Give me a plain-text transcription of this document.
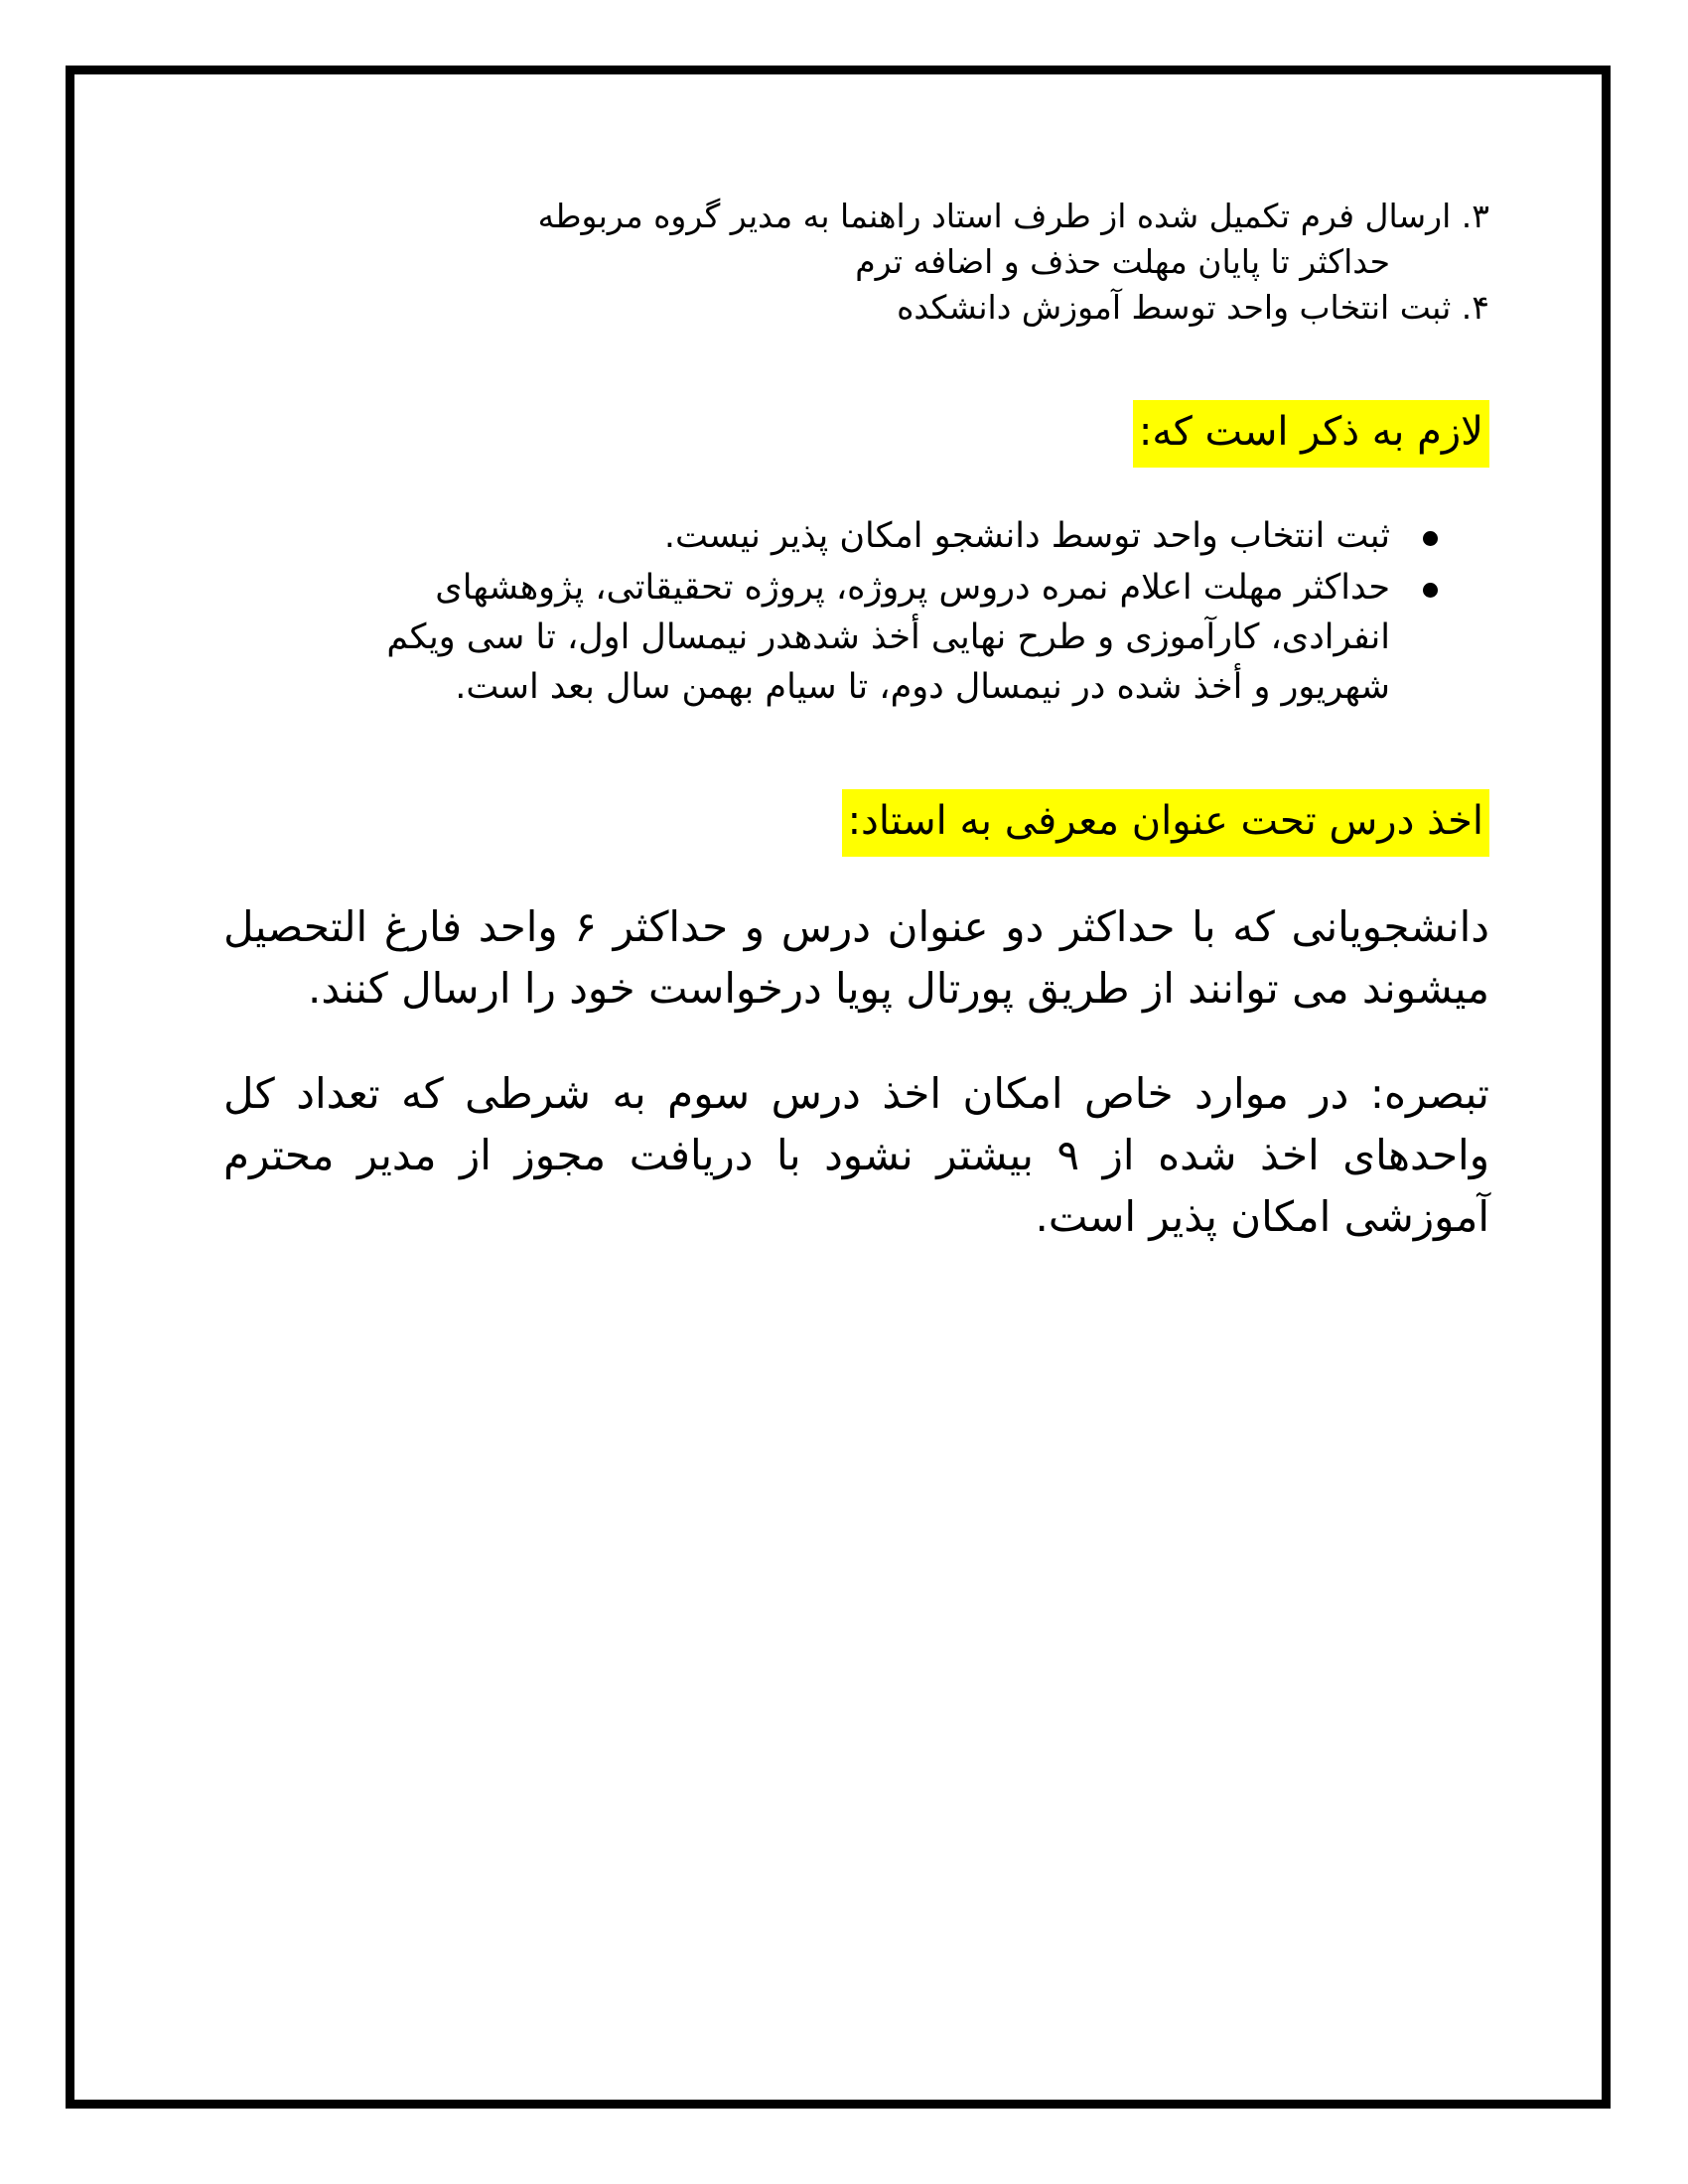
۳. ارسال فرم تکمیل شده از طرف استاد راهنما به مدیر گروه مربوطه
حداکثر تا پایان مهلت حذف و اضافه ترم
۴. ثبت انتخاب واحد توسط آموزش دانشکده
لازم به ذکر است که:
ثبت انتخاب واحد توسط دانشجو امکان پذیر نیست.
حداکثر مهلت اعلام نمره دروس پروژه، پروژه تحقیقاتی، پژوهشهای انفرادی، کارآموزی و طرح نهایی أخذ شدهدر نیمسال اول، تا سی ویکم شهریور و أخذ شده در نیمسال دوم، تا سیام بهمن سال بعد است.
اخذ درس تحت عنوان معرفی به استاد:

دانشجویانی که با حداکثر دو عنوان درس و حداکثر ۶ واحد فارغ التحصیل میشوند می توانند از طریق پورتال پویا درخواست خود را ارسال کنند.

تبصره: در موارد خاص امکان اخذ درس سوم به شرطی که تعداد کل واحدهای اخذ شده از ۹ بیشتر نشود با دریافت مجوز از مدیر محترم آموزشی امکان پذیر است.
